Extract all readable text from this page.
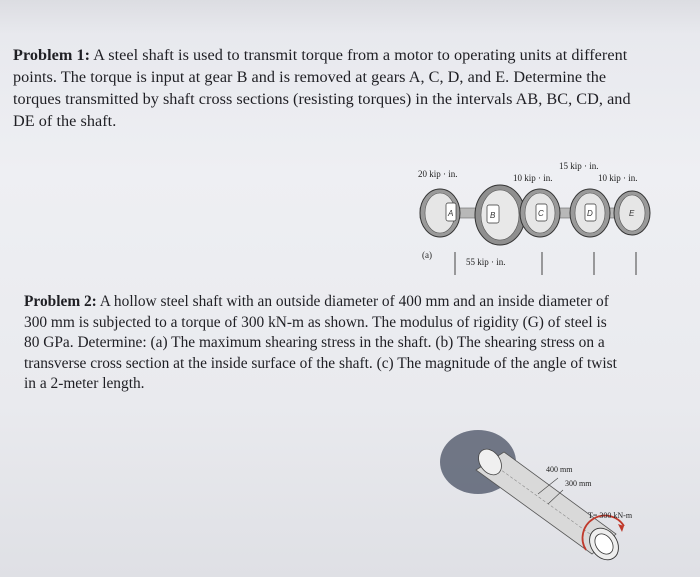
Problem 1: A steel shaft is used to transmit torque from a motor to operating units at different
points. The torque is input at gear B and is removed at gears A, C, D, and E. Determine the
torques transmitted by shaft cross sections (resisting torques) in the intervals AB, BC, CD, and
DE of the shaft.
20 kip · in.	10 kip · in.
15 kip · in.
10 kip · in.
A	B	C	D	E
(a)
55 kip · in.
Problem 2: A hollow steel shaft with an outside diameter of 400 mm and an inside diameter of
300 mm is subjected to a torque of 300 kN-m as shown. The modulus of rigidity (G) of steel is
80 GPa. Determine: (a) The maximum shearing stress in the shaft. (b) The shearing stress on a
transverse cross section at the inside surface of the shaft. (c) The magnitude of the angle of twist
in a 2-meter length.
400 mm
300 mm
T= 300 kN-m
